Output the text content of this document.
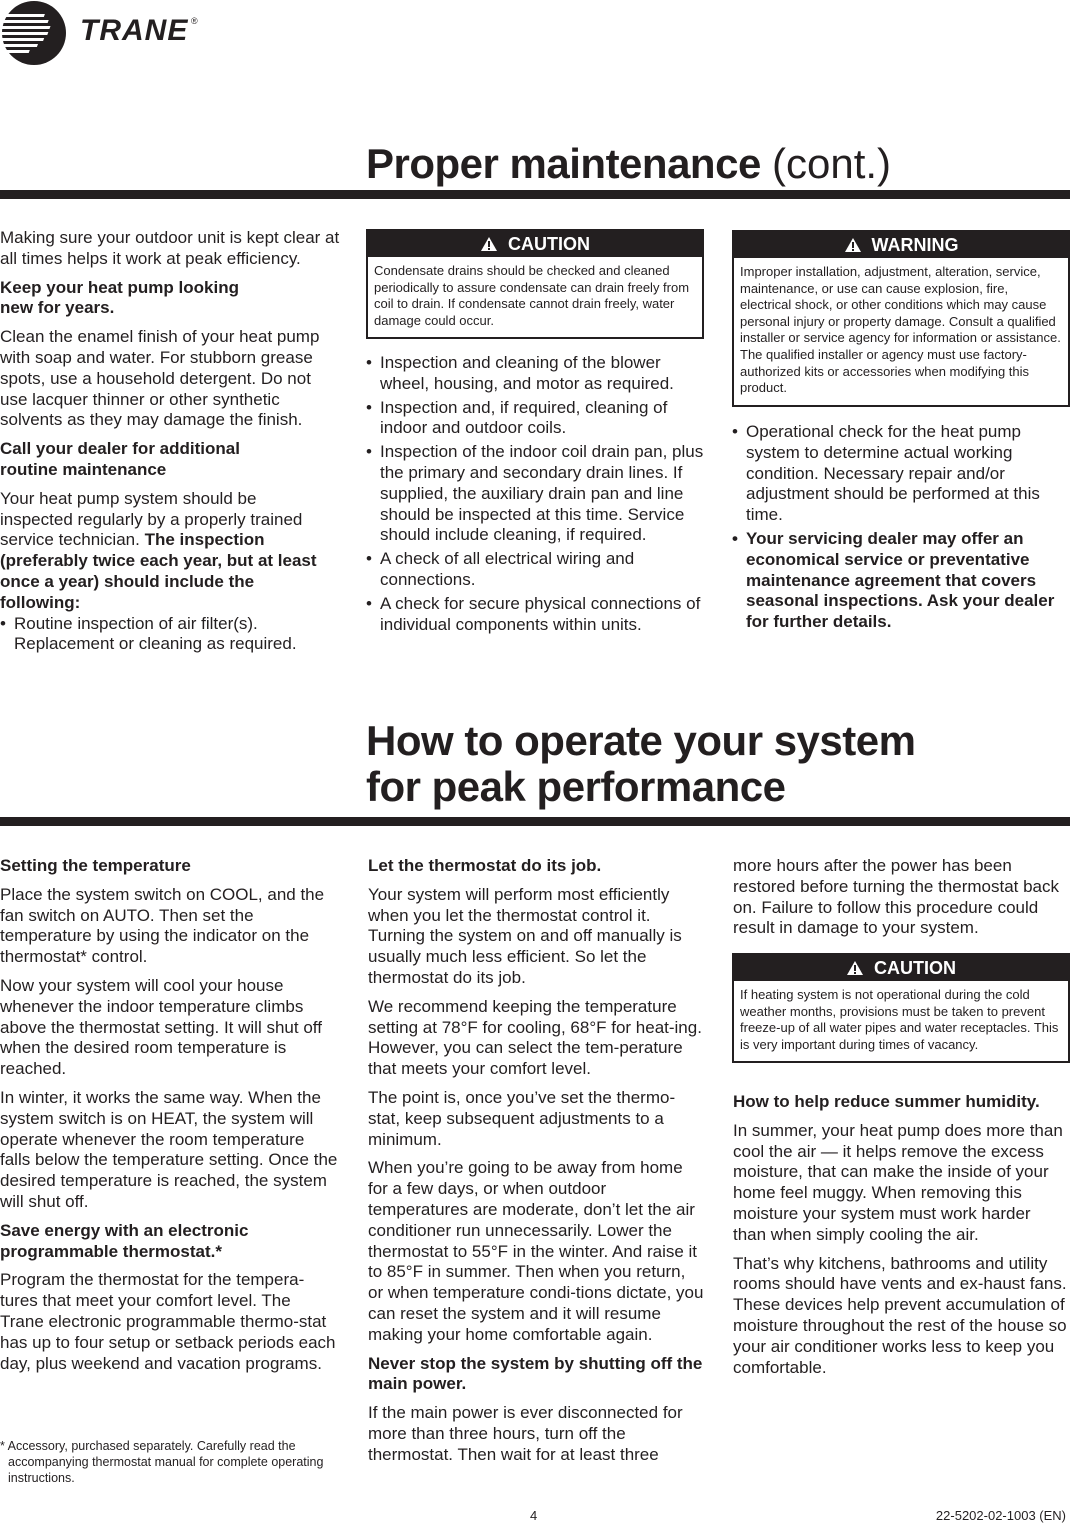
TRANE ®
Proper maintenance (cont.)

Making sure your outdoor unit is kept clear at all times helps it work at peak efficiency.

Keep your heat pump looking new for years.

Clean the enamel finish of your heat pump with soap and water. For stubborn grease spots, use a household detergent. Do not use lacquer thinner or other synthetic solvents as they may damage the finish.

Call your dealer for additional routine maintenance

Your heat pump system should be inspected regularly by a properly trained service technician. The inspection (preferably twice each year, but at least once a year) should include the following:

• Routine inspection of air filter(s). Replacement or cleaning as required.
CAUTION
Condensate drains should be checked and cleaned periodically to assure condensate can drain freely from coil to drain. If condensate cannot drain freely, water damage could occur.
• Inspection and cleaning of the blower wheel, housing, and motor as required.
• Inspection and, if required, cleaning of indoor and outdoor coils.
• Inspection of the indoor coil drain pan, plus the primary and secondary drain lines. If supplied, the auxiliary drain pan and line should be inspected at this time. Service should include cleaning, if required.
• A check of all electrical wiring and connections.
• A check for secure physical connections of individual components within units.
WARNING
Improper installation, adjustment, alteration, service, maintenance, or use can cause explosion, fire, electrical shock, or other conditions which may cause personal injury or property damage. Consult a qualified installer or service agency for information or assistance. The qualified installer or agency must use factory-authorized kits or accessories when modifying this product.
• Operational check for the heat pump system to determine actual working condition. Necessary repair and/or adjustment should be performed at this time.
• Your servicing dealer may offer an economical service or preventative maintenance agreement that covers seasonal inspections. Ask your dealer for further details.
How to operate your system
for peak performance

Setting the temperature

Place the system switch on COOL, and the fan switch on AUTO. Then set the temperature by using the indicator on the thermostat* control.

Now your system will cool your house whenever the indoor temperature climbs above the thermostat setting. It will shut off when the desired room temperature is reached.

In winter, it works the same way. When the system switch is on HEAT, the system will operate whenever the room temperature falls below the temperature setting. Once the desired temperature is reached, the system will shut off.

Save energy with an electronic programmable thermostat.*

Program the thermostat for the tempera-tures that meet your comfort level. The Trane electronic programmable thermo-stat has up to four setup or setback periods each day, plus weekend and vacation programs.

* Accessory, purchased separately. Carefully read the accompanying thermostat manual for complete operating instructions.

Let the thermostat do its job.

Your system will perform most efficiently when you let the thermostat control it. Turning the system on and off manually is usually much less efficient. So let the thermostat do its job.

We recommend keeping the temperature setting at 78°F for cooling, 68°F for heat-ing. However, you can select the tem-perature that meets your comfort level.

The point is, once you’ve set the thermo-stat, keep subsequent adjustments to a minimum.

When you’re going to be away from home for a few days, or when outdoor temperatures are moderate, don’t let the air conditioner run unnecessarily. Lower the thermostat to 55°F in the winter. And raise it to 85°F in summer. Then when you return, or when temperature condi-tions dictate, you can reset the system and it will resume making your home comfortable again.

Never stop the system by shutting off the main power.

If the main power is ever disconnected for more than three hours, turn off the thermostat. Then wait for at least three

more hours after the power has been restored before turning the thermostat back on. Failure to follow this procedure could result in damage to your system.

CAUTION
If heating system is not operational during the cold weather months, provisions must be taken to prevent freeze-up of all water pipes and water receptacles. This is very important during times of vacancy.

How to help reduce summer humidity.

In summer, your heat pump does more than cool the air — it helps remove the excess moisture, that can make the inside of your home feel muggy. When removing this moisture your system must work harder than when simply cooling the air.

That’s why kitchens, bathrooms and utility rooms should have vents and ex-haust fans. These devices help prevent accumulation of moisture throughout the rest of the house so your air conditioner works less to keep you comfortable.

4	22-5202-02-1003 (EN)
